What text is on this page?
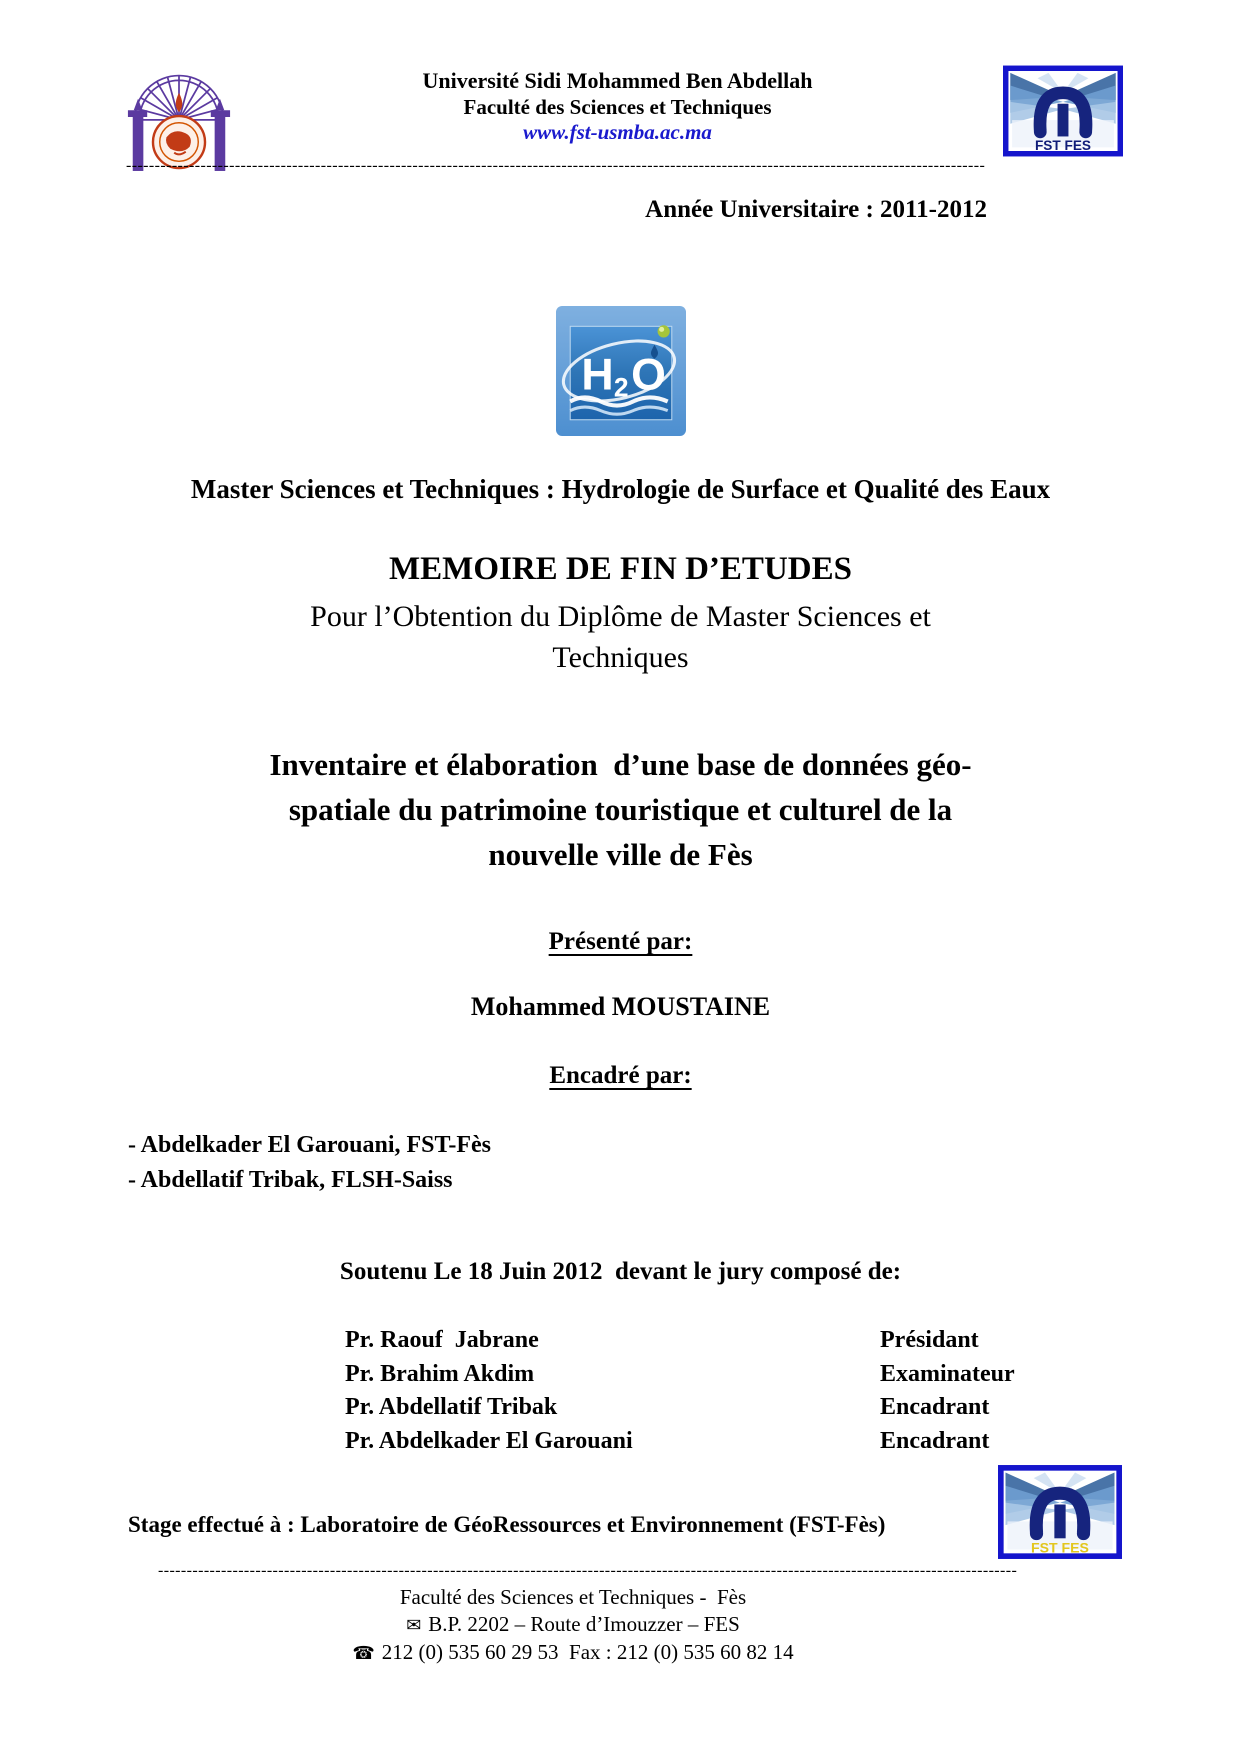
Université Sidi Mohammed Ben Abdellah
Faculté des Sciences et Techniques
www.fst-usmba.ac.ma
FST FES
------------------------------------------------------------------------------------------------------------------------------------------------------
Année Universitaire : 2011-2012
H 2 O
Master Sciences et Techniques : Hydrologie de Surface et Qualité des Eaux
MEMOIRE DE FIN D’ETUDES
Pour l’Obtention du Diplôme de Master Sciences et
Techniques
Inventaire et élaboration  d’une base de données géo-
spatiale du patrimoine touristique et culturel de la
nouvelle ville de Fès
Présenté par:
Mohammed MOUSTAINE
Encadré par:
- Abdelkader El Garouani, FST-Fès
- Abdellatif Tribak, FLSH-Saiss
Soutenu Le 18 Juin 2012  devant le jury composé de:
Pr. Raouf  Jabrane	Présidant
Pr. Brahim Akdim	Examinateur
Pr. Abdellatif Tribak	Encadrant
Pr. Abdelkader El Garouani	Encadrant
Stage effectué à : Laboratoire de GéoRessources et Environnement (FST-Fès)
FST FES
------------------------------------------------------------------------------------------------------------------------------------------------------
Faculté des Sciences et Techniques -  Fès
✉ B.P. 2202 – Route d’Imouzzer – FES
☎ 212 (0) 535 60 29 53  Fax : 212 (0) 535 60 82 14
